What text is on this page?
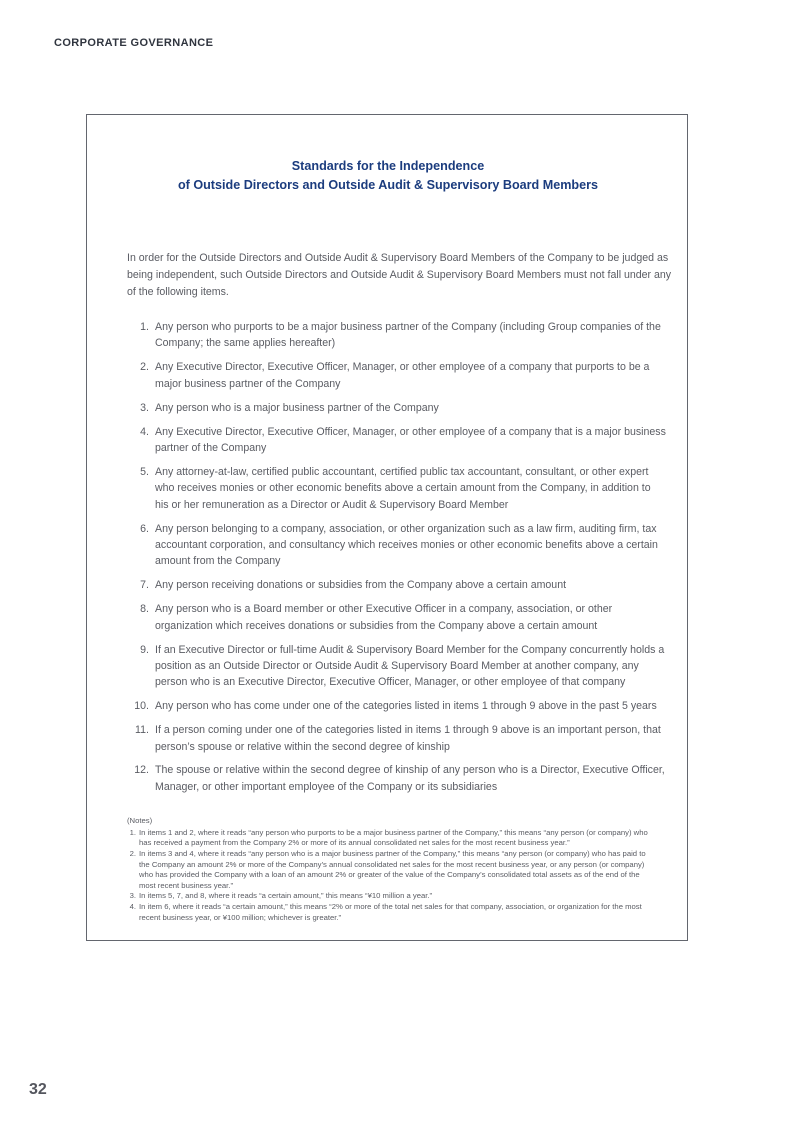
CORPORATE GOVERNANCE
Standards for the Independence
of Outside Directors and Outside Audit & Supervisory Board Members
In order for the Outside Directors and Outside Audit & Supervisory Board Members of the Company to be judged as being independent, such Outside Directors and Outside Audit & Supervisory Board Members must not fall under any of the following items.
1. Any person who purports to be a major business partner of the Company (including Group companies of the Company; the same applies hereafter)
2. Any Executive Director, Executive Officer, Manager, or other employee of a company that purports to be a major business partner of the Company
3. Any person who is a major business partner of the Company
4. Any Executive Director, Executive Officer, Manager, or other employee of a company that is a major business partner of the Company
5. Any attorney-at-law, certified public accountant, certified public tax accountant, consultant, or other expert who receives monies or other economic benefits above a certain amount from the Company, in addition to his or her remuneration as a Director or Audit & Supervisory Board Member
6. Any person belonging to a company, association, or other organization such as a law firm, auditing firm, tax accountant corporation, and consultancy which receives monies or other economic benefits above a certain amount from the Company
7. Any person receiving donations or subsidies from the Company above a certain amount
8. Any person who is a Board member or other Executive Officer in a company, association, or other organization which receives donations or subsidies from the Company above a certain amount
9. If an Executive Director or full-time Audit & Supervisory Board Member for the Company concurrently holds a position as an Outside Director or Outside Audit & Supervisory Board Member at another company, any person who is an Executive Director, Executive Officer, Manager, or other employee of that company
10. Any person who has come under one of the categories listed in items 1 through 9 above in the past 5 years
11. If a person coming under one of the categories listed in items 1 through 9 above is an important person, that person’s spouse or relative within the second degree of kinship
12. The spouse or relative within the second degree of kinship of any person who is a Director, Executive Officer, Manager, or other important employee of the Company or its subsidiaries
(Notes)
1. In items 1 and 2, where it reads “any person who purports to be a major business partner of the Company,” this means “any person (or company) who has received a payment from the Company 2% or more of its annual consolidated net sales for the most recent business year.”
2. In items 3 and 4, where it reads “any person who is a major business partner of the Company,” this means “any person (or company) who has paid to the Company an amount 2% or more of the Company’s annual consolidated net sales for the most recent business year, or any person (or company) who has provided the Company with a loan of an amount 2% or greater of the value of the Company’s consolidated total assets as of the end of the most recent business year.”
3. In items 5, 7, and 8, where it reads “a certain amount,” this means “¥10 million a year.”
4. In item 6, where it reads “a certain amount,” this means “2% or more of the total net sales for that company, association, or organization for the most recent business year, or ¥100 million; whichever is greater.”
32
